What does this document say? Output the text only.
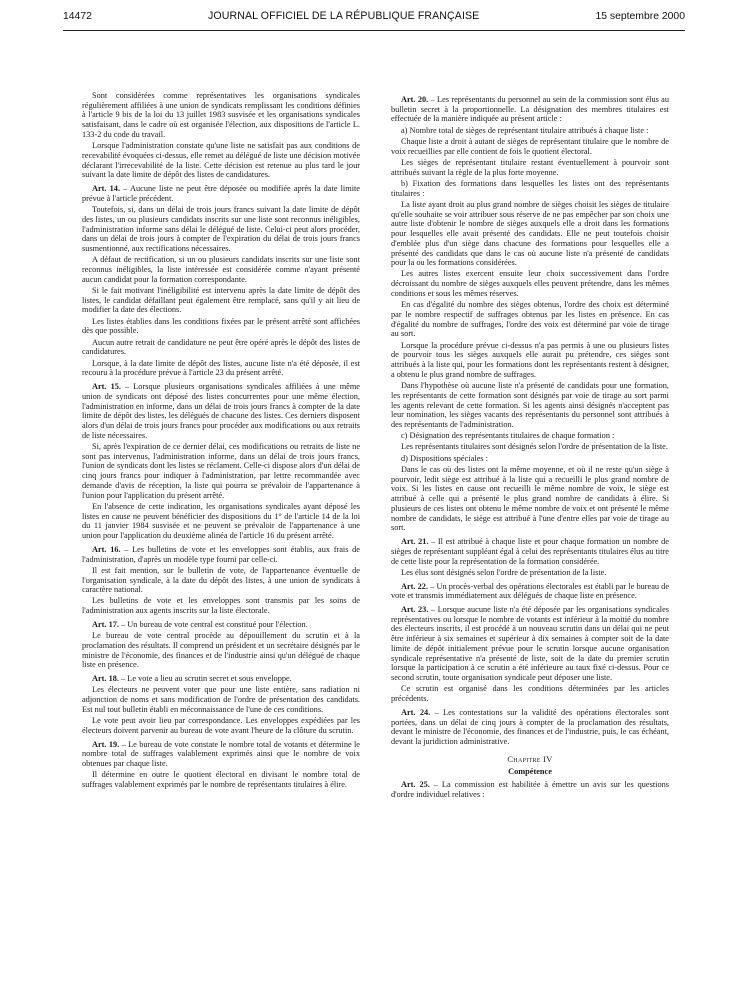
14472	JOURNAL OFFICIEL DE LA RÉPUBLIQUE FRANÇAISE	15 septembre 2000

Sont considérées comme représentatives les organisations syndicales régulièrement affiliées à une union de syndicats remplissant les conditions définies à l'article 9 bis de la loi du 13 juillet 1983 susvisée et les organisations syndicales satisfaisant, dans le cadre où est organisée l'élection, aux dispositions de l'article L. 133-2 du code du travail.

Lorsque l'administration constate qu'une liste ne satisfait pas aux conditions de recevabilité évoquées ci-dessus, elle remet au délégué de liste une décision motivée déclarant l'irrecevabilité de la liste. Cette décision est retenue au plus tard le jour suivant la date limite de dépôt des listes de candidatures.

Art. 14. – Aucune liste ne peut être déposée ou modifiée après la date limite prévue à l'article précédent.

Toutefois, si, dans un délai de trois jours francs suivant la date limite de dépôt des listes, un ou plusieurs candidats inscrits sur une liste sont reconnus inéligibles, l'administration informe sans délai le délégué de liste. Celui-ci peut alors procéder, dans un délai de trois jours à compter de l'expiration du délai de trois jours francs susmentionné, aux rectifications nécessaires.

A défaut de rectification, si un ou plusieurs candidats inscrits sur une liste sont reconnus inéligibles, la liste intéressée est considérée comme n'ayant présenté aucun candidat pour la formation correspondante.

Si le fait motivant l'inéligibilité est intervenu après la date limite de dépôt des listes, le candidat défaillant peut également être remplacé, sans qu'il y ait lieu de modifier la date des élections.

Les listes établies dans les conditions fixées par le présent arrêté sont affichées dès que possible.

Aucun autre retrait de candidature ne peut être opéré après le dépôt des listes de candidatures.

Lorsque, à la date limite de dépôt des listes, aucune liste n'a été déposée, il est recouru à la procédure prévue à l'article 23 du présent arrêté.

Art. 15. – Lorsque plusieurs organisations syndicales affiliées à une même union de syndicats ont déposé des listes concurrentes pour une même élection, l'administration en informe, dans un délai de trois jours francs à compter de la date limite de dépôt des listes, les délégués de chacune des listes. Ces derniers disposent alors d'un délai de trois jours francs pour procéder aux modifications ou aux retraits de liste nécessaires.

Si, après l'expiration de ce dernier délai, ces modifications ou retraits de liste ne sont pas intervenus, l'administration informe, dans un délai de trois jours francs, l'union de syndicats dont les listes se réclament. Celle-ci dispose alors d'un délai de cinq jours francs pour indiquer à l'administration, par lettre recommandée avec demande d'avis de réception, la liste qui pourra se prévaloir de l'appartenance à l'union pour l'application du présent arrêté.

En l'absence de cette indication, les organisations syndicales ayant déposé les listes en cause ne peuvent bénéficier des dispositions du 1° de l'article 14 de la loi du 11 janvier 1984 susvisée et ne peuvent se prévaloir de l'appartenance à une union pour l'application du deuxième alinéa de l'article 16 du présent arrêté.

Art. 16. – Les bulletins de vote et les enveloppes sont établis, aux frais de l'administration, d'après un modèle type fourni par celle-ci.

Il est fait mention, sur le bulletin de vote, de l'appartenance éventuelle de l'organisation syndicale, à la date du dépôt des listes, à une union de syndicats à caractère national.

Les bulletins de vote et les enveloppes sont transmis par les soins de l'administration aux agents inscrits sur la liste électorale.

Art. 17. – Un bureau de vote central est constitué pour l'élection.

Le bureau de vote central procède au dépouillement du scrutin et à la proclamation des résultats. Il comprend un président et un secrétaire désignés par le ministre de l'économie, des finances et de l'industrie ainsi qu'un délégué de chaque liste en présence.

Art. 18. – Le vote a lieu au scrutin secret et sous enveloppe.

Les électeurs ne peuvent voter que pour une liste entière, sans radiation ni adjonction de noms et sans modification de l'ordre de présentation des candidats. Est nul tout bulletin établi en méconnaissance de l'une de ces conditions.

Le vote peut avoir lieu par correspondance. Les enveloppes expédiées par les électeurs doivent parvenir au bureau de vote avant l'heure de la clôture du scrutin.

Art. 19. – Le bureau de vote constate le nombre total de votants et détermine le nombre total de suffrages valablement exprimés ainsi que le nombre de voix obtenues par chaque liste.

Il détermine en outre le quotient électoral en divisant le nombre total de suffrages valablement exprimés par le nombre de représentants titulaires à élire.

Art. 20. – Les représentants du personnel au sein de la commission sont élus au bulletin secret à la proportionnelle. La désignation des membres titulaires est effectuée de la manière indiquée au présent article :

a) Nombre total de sièges de représentant titulaire attribués à chaque liste :

Chaque liste a droit à autant de sièges de représentant titulaire que le nombre de voix recueillies par elle contient de fois le quotient électoral.

Les sièges de représentant titulaire restant éventuellement à pourvoir sont attribués suivant la règle de la plus forte moyenne.

b) Fixation des formations dans lesquelles les listes ont des représentants titulaires :

La liste ayant droit au plus grand nombre de sièges choisit les sièges de titulaire qu'elle souhaite se voir attribuer sous réserve de ne pas empêcher par son choix une autre liste d'obtenir le nombre de sièges auxquels elle a droit dans les formations pour lesquelles elle avait présenté des candidats. Elle ne peut toutefois choisir d'emblée plus d'un siège dans chacune des formations pour lesquelles elle a présenté des candidats que dans le cas où aucune liste n'a présenté de candidats pour la ou les formations considérées.

Les autres listes exercent ensuite leur choix successivement dans l'ordre décroissant du nombre de sièges auxquels elles peuvent prétendre, dans les mêmes conditions et sous les mêmes réserves.

En cas d'égalité du nombre des sièges obtenus, l'ordre des choix est déterminé par le nombre respectif de suffrages obtenus par les listes en présence. En cas d'égalité du nombre de suffrages, l'ordre des voix est déterminé par voie de tirage au sort.

Lorsque la procédure prévue ci-dessus n'a pas permis à une ou plusieurs listes de pourvoir tous les sièges auxquels elle aurait pu prétendre, ces sièges sont attribués à la liste qui, pour les formations dont les représentants restent à désigner, a obtenu le plus grand nombre de suffrages.

Dans l'hypothèse où aucune liste n'a présenté de candidats pour une formation, les représentants de cette formation sont désignés par voie de tirage au sort parmi les agents relevant de cette formation. Si les agents ainsi désignés n'acceptent pas leur nomination, les sièges vacants des représentants du personnel sont attribués à des représentants de l'administration.

c) Désignation des représentants titulaires de chaque formation :

Les représentants titulaires sont désignés selon l'ordre de présentation de la liste.

d) Dispositions spéciales :

Dans le cas où des listes ont la même moyenne, et où il ne reste qu'un siège à pourvoir, ledit siège est attribué à la liste qui a recueilli le plus grand nombre de voix. Si les listes en cause ont recueilli le même nombre de voix, le siège est attribué à celle qui a présenté le plus grand nombre de candidats à élire. Si plusieurs de ces listes ont obtenu le même nombre de voix et ont présenté le même nombre de candidats, le siège est attribué à l'une d'entre elles par voie de tirage au sort.

Art. 21. – Il est attribué à chaque liste et pour chaque formation un nombre de sièges de représentant suppléant égal à celui des représentants titulaires élus au titre de cette liste pour la représentation de la formation considérée.

Les élus sont désignés selon l'ordre de présentation de la liste.

Art. 22. – Un procès-verbal des opérations électorales est établi par le bureau de vote et transmis immédiatement aux délégués de chaque liste en présence.

Art. 23. – Lorsque aucune liste n'a été déposée par les organisations syndicales représentatives ou lorsque le nombre de votants est inférieur à la moitié du nombre des électeurs inscrits, il est procédé à un nouveau scrutin dans un délai qui ne peut être inférieur à six semaines et supérieur à dix semaines à compter soit de la date limite de dépôt initialement prévue pour le scrutin lorsque aucune organisation syndicale représentative n'a présenté de liste, soit de la date du premier scrutin lorsque la participation à ce scrutin a été inférieure au taux fixé ci-dessus. Pour ce second scrutin, toute organisation syndicale peut déposer une liste.

Ce scrutin est organisé dans les conditions déterminées par les articles précédents.

Art. 24. – Les contestations sur la validité des opérations électorales sont portées, dans un délai de cinq jours à compter de la proclamation des résultats, devant le ministre de l'économie, des finances et de l'industrie, puis, le cas échéant, devant la juridiction administrative.

Chapitre IV

Compétence

Art. 25. – La commission est habilitée à émettre un avis sur les questions d'ordre individuel relatives :
